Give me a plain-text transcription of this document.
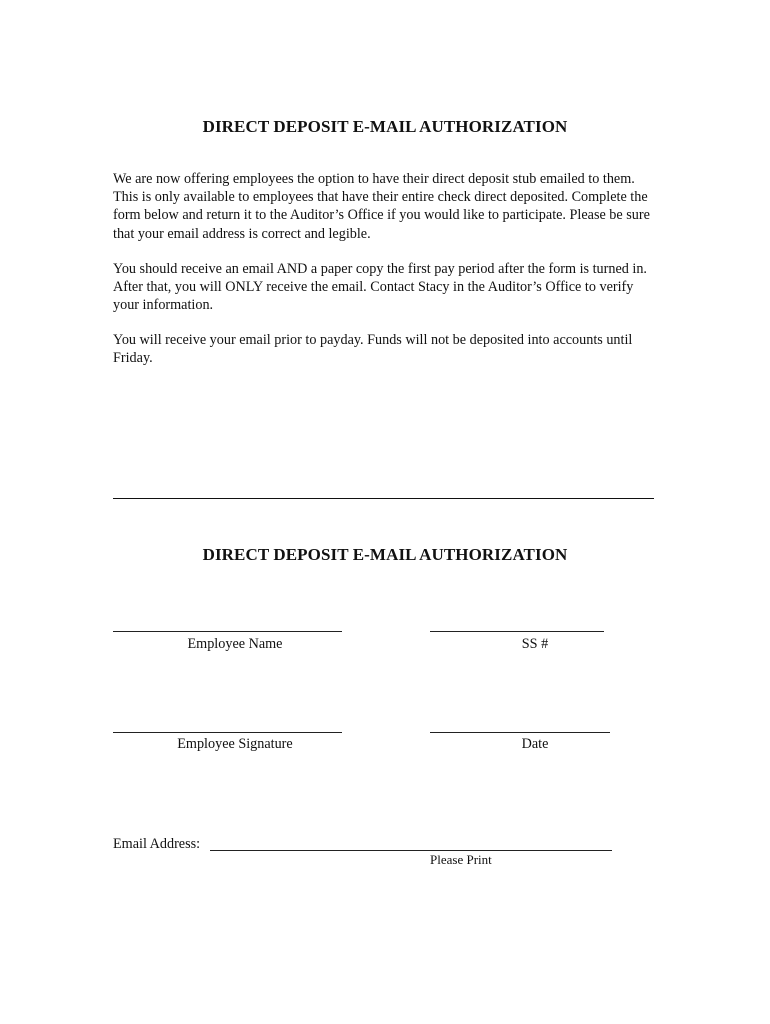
DIRECT DEPOSIT E-MAIL AUTHORIZATION

We are now offering employees the option to have their direct deposit stub emailed to them. This is only available to employees that have their entire check direct deposited. Complete the form below and return it to the Auditor’s Office if you would like to participate. Please be sure that your email address is correct and legible.

You should receive an email AND a paper copy the first pay period after the form is turned in. After that, you will ONLY receive the email. Contact Stacy in the Auditor’s Office to verify your information.

You will receive your email prior to payday. Funds will not be deposited into accounts until Friday.

DIRECT DEPOSIT E-MAIL AUTHORIZATION
Employee Name	SS #
Employee Signature	Date
Email Address:
Please Print
